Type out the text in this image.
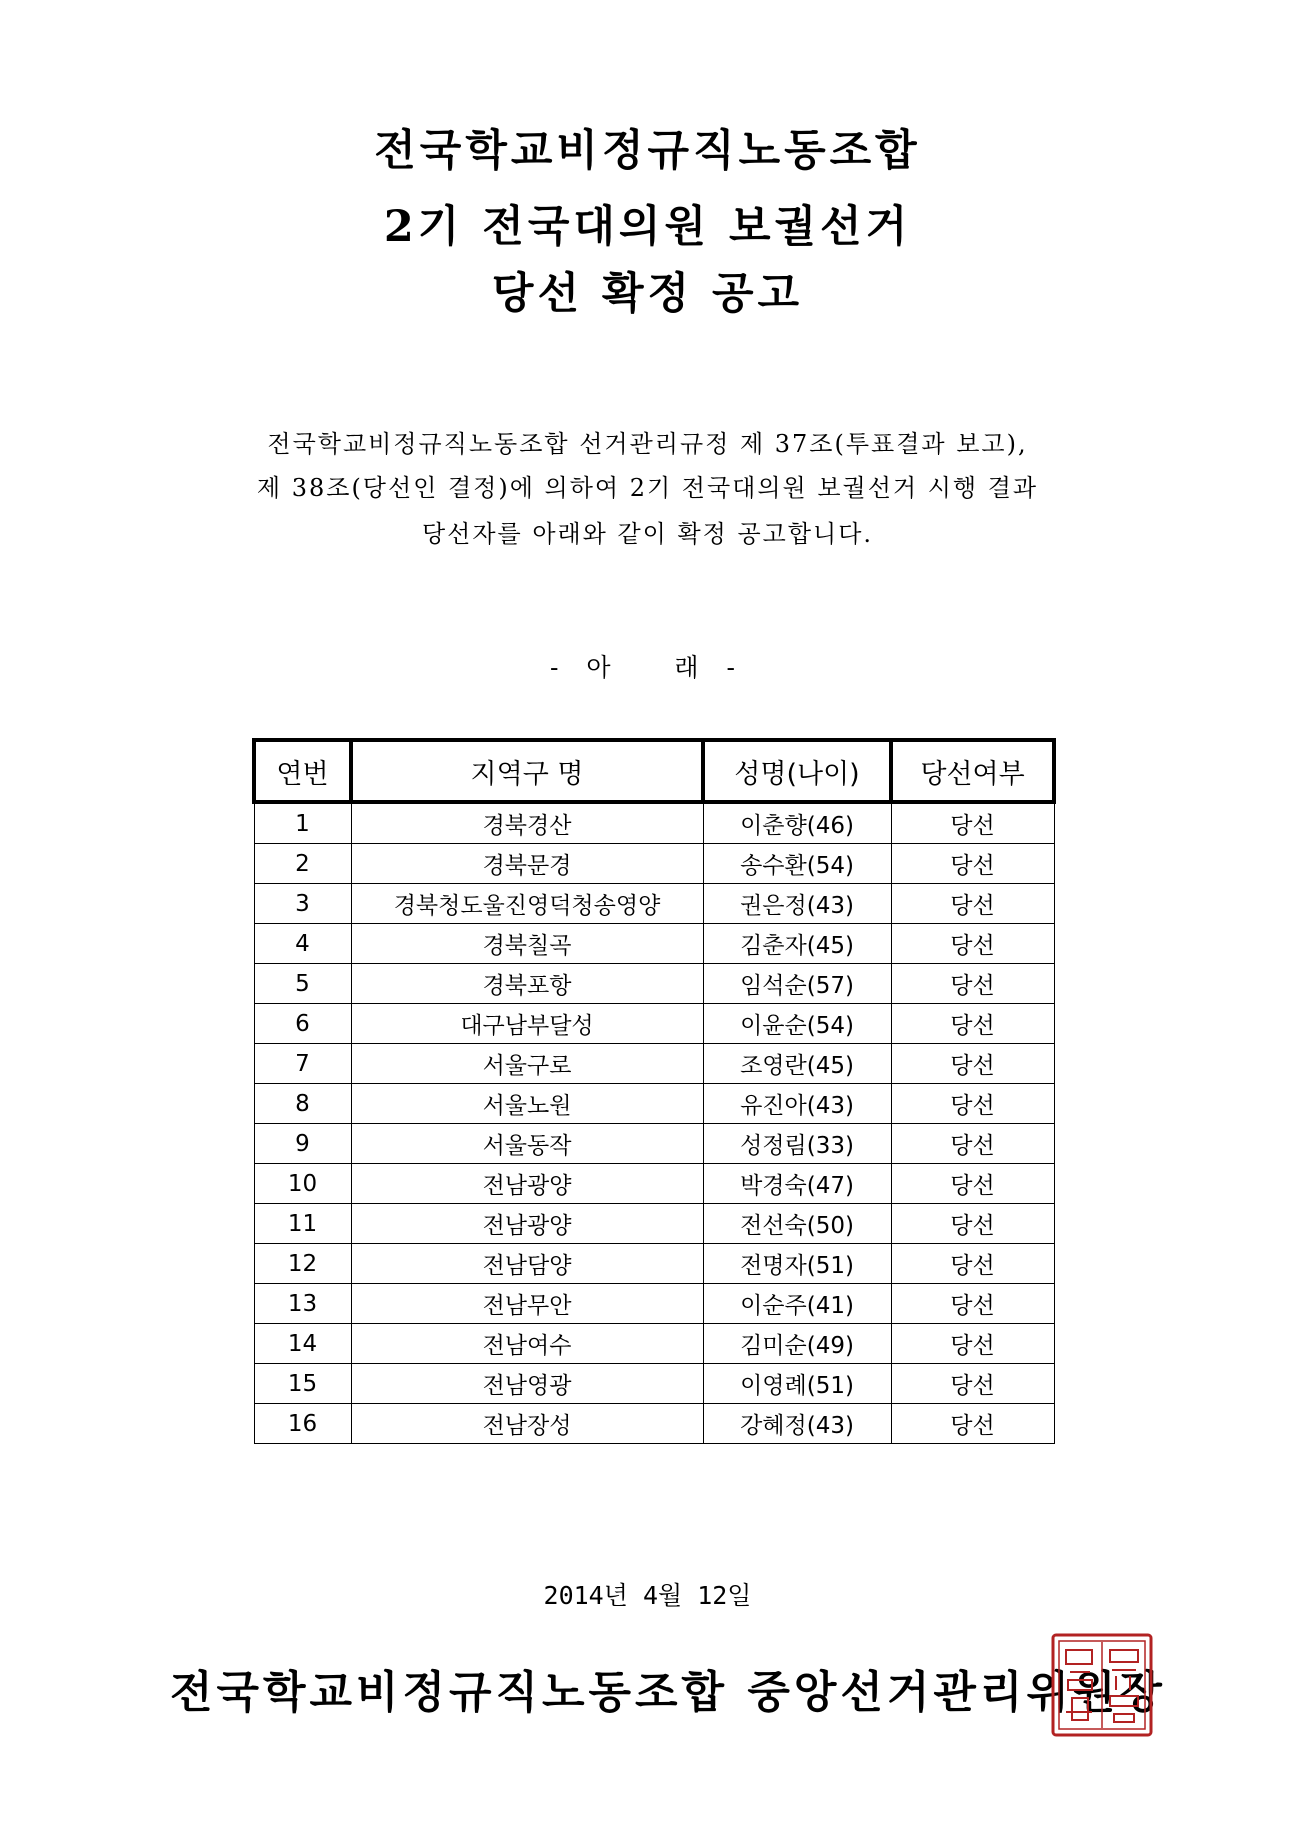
전국학교비정규직노동조합
2기 전국대의원 보궐선거
당선 확정 공고
전국학교비정규직노동조합 선거관리규정 제 37조(투표결과 보고),
제 38조(당선인 결정)에 의하여 2기 전국대의원 보궐선거 시행 결과
당선자를 아래와 같이 확정 공고합니다.
- 아   래 -
연번	지역구 명	성명(나이)	당선여부
1	경북경산	이춘향(46)	당선
2	경북문경	송수환(54)	당선
3	경북청도울진영덕청송영양	권은정(43)	당선
4	경북칠곡	김춘자(45)	당선
5	경북포항	임석순(57)	당선
6	대구남부달성	이윤순(54)	당선
7	서울구로	조영란(45)	당선
8	서울노원	유진아(43)	당선
9	서울동작	성정림(33)	당선
10	전남광양	박경숙(47)	당선
11	전남광양	전선숙(50)	당선
12	전남담양	전명자(51)	당선
13	전남무안	이순주(41)	당선
14	전남여수	김미순(49)	당선
15	전남영광	이영례(51)	당선
16	전남장성	강혜정(43)	당선
2014년 4월 12일
전국학교비정규직노동조합 중앙선거관리위원장
